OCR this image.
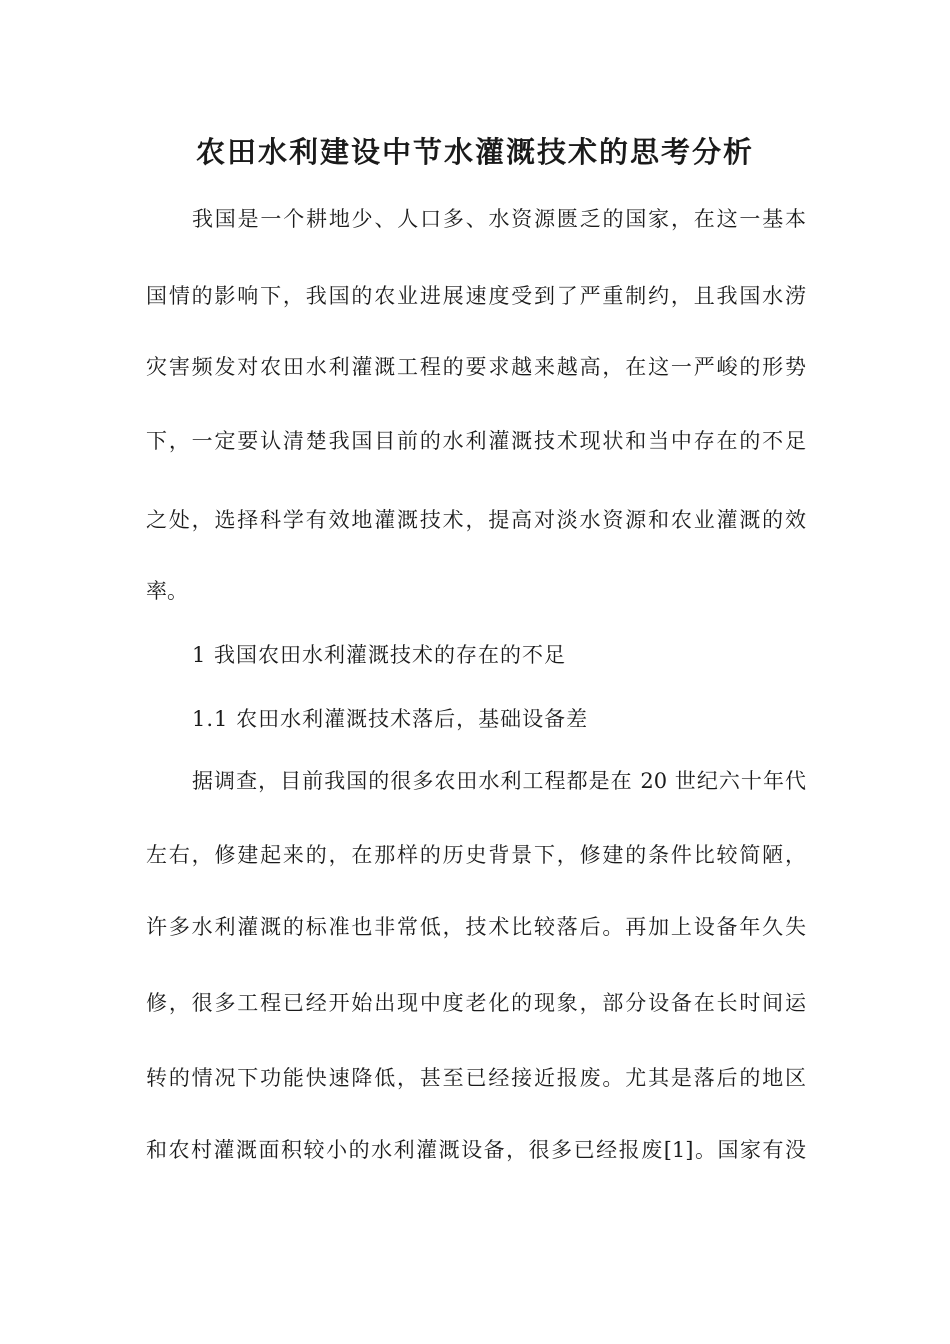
农田水利建设中节水灌溉技术的思考分析
我国是一个耕地少、人口多、水资源匮乏的国家，在这一基本
国情的影响下，我国的农业进展速度受到了严重制约，且我国水涝
灾害频发对农田水利灌溉工程的要求越来越高，在这一严峻的形势
下，一定要认清楚我国目前的水利灌溉技术现状和当中存在的不足
之处，选择科学有效地灌溉技术，提高对淡水资源和农业灌溉的效
率。
1 我国农田水利灌溉技术的存在的不足
1.1 农田水利灌溉技术落后，基础设备差
据调查，目前我国的很多农田水利工程都是在 20 世纪六十年代
左右，修建起来的，在那样的历史背景下，修建的条件比较简陋，
许多水利灌溉的标准也非常低，技术比较落后。再加上设备年久失
修，很多工程已经开始出现中度老化的现象，部分设备在长时间运
转的情况下功能快速降低，甚至已经接近报废。尤其是落后的地区
和农村灌溉面积较小的水利灌溉设备，很多已经报废[1]。国家有没
